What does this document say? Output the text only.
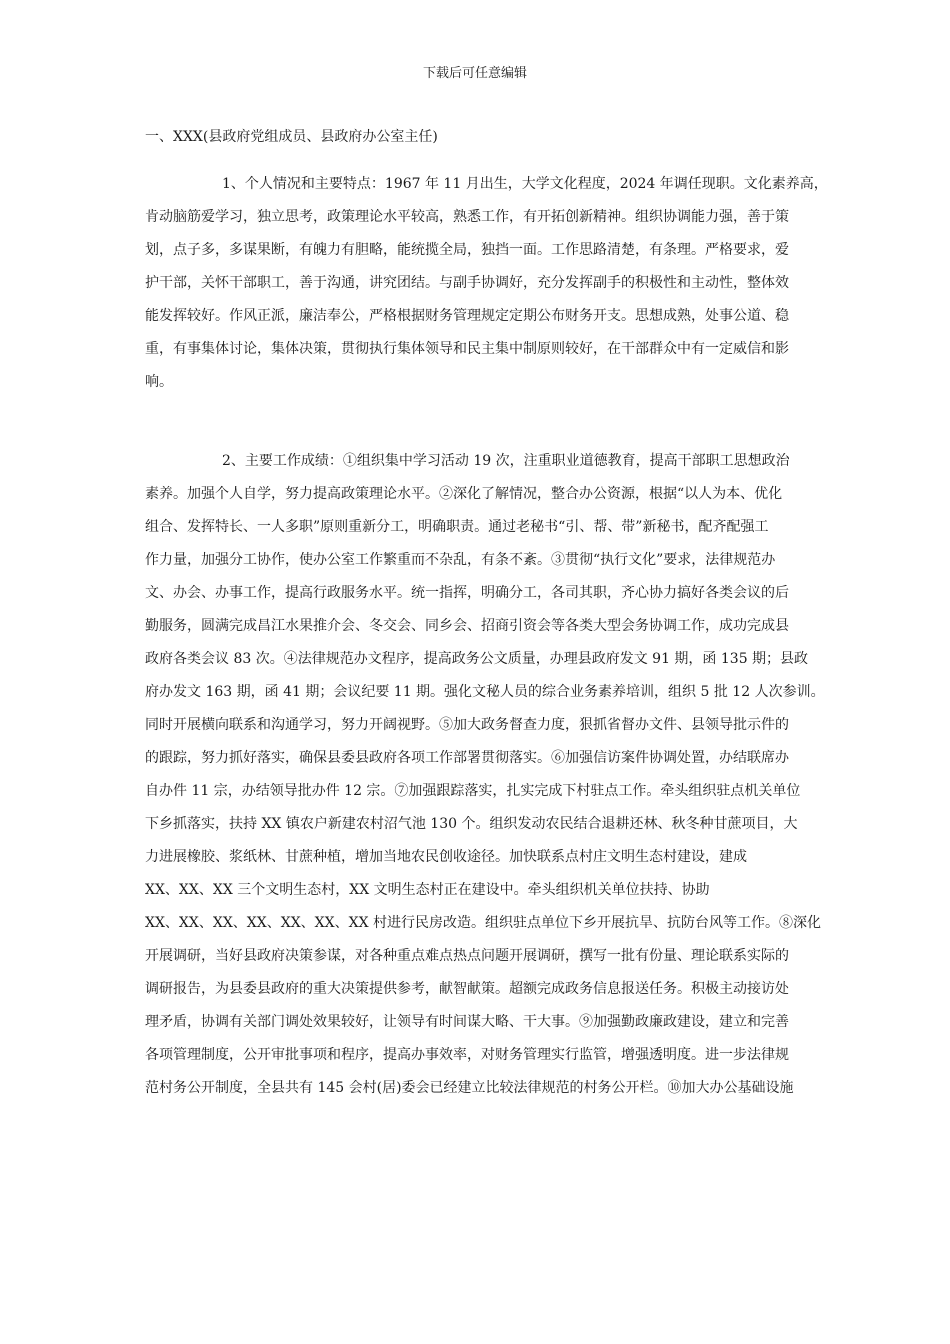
下载后可任意编辑
一、XXX(县政府党组成员、县政府办公室主任)
1、个人情况和主要特点：1967 年 11 月出生，大学文化程度，2024 年调任现职。文化素养高，
肯动脑筋爱学习，独立思考，政策理论水平较高，熟悉工作，有开拓创新精神。组织协调能力强，善于策
划，点子多，多谋果断，有魄力有胆略，能统揽全局，独挡一面。工作思路清楚，有条理。严格要求，爱
护干部，关怀干部职工，善于沟通，讲究团结。与副手协调好，充分发挥副手的积极性和主动性，整体效
能发挥较好。作风正派，廉洁奉公，严格根据财务管理规定定期公布财务开支。思想成熟，处事公道、稳
重，有事集体讨论，集体决策，贯彻执行集体领导和民主集中制原则较好，在干部群众中有一定威信和影
响。
2、主要工作成绩：①组织集中学习活动 19 次，注重职业道德教育，提高干部职工思想政治
素养。加强个人自学，努力提高政策理论水平。②深化了解情况，整合办公资源，根据“以人为本、优化
组合、发挥特长、一人多职”原则重新分工，明确职责。通过老秘书“引、帮、带”新秘书，配齐配强工
作力量，加强分工协作，使办公室工作繁重而不杂乱，有条不紊。③贯彻“执行文化”要求，法律规范办
文、办会、办事工作，提高行政服务水平。统一指挥，明确分工，各司其职，齐心协力搞好各类会议的后
勤服务，圆满完成昌江水果推介会、冬交会、同乡会、招商引资会等各类大型会务协调工作，成功完成县
政府各类会议 83 次。④法律规范办文程序，提高政务公文质量，办理县政府发文 91 期，函 135 期；县政
府办发文 163 期，函 41 期；会议纪要 11 期。强化文秘人员的综合业务素养培训，组织 5 批 12 人次参训。
同时开展横向联系和沟通学习，努力开阔视野。⑤加大政务督查力度，狠抓省督办文件、县领导批示件的
的跟踪，努力抓好落实，确保县委县政府各项工作部署贯彻落实。⑥加强信访案件协调处置，办结联席办
自办件 11 宗，办结领导批办件 12 宗。⑦加强跟踪落实，扎实完成下村驻点工作。牵头组织驻点机关单位
下乡抓落实，扶持 XX 镇农户新建农村沼气池 130 个。组织发动农民结合退耕还林、秋冬种甘蔗项目，大
力进展橡胶、浆纸林、甘蔗种植，增加当地农民创收途径。加快联系点村庄文明生态村建设，建成
XX、XX、XX 三个文明生态村，XX 文明生态村正在建设中。牵头组织机关单位扶持、协助
XX、XX、XX、XX、XX、XX、XX 村进行民房改造。组织驻点单位下乡开展抗旱、抗防台风等工作。⑧深化
开展调研，当好县政府决策参谋，对各种重点难点热点问题开展调研，撰写一批有份量、理论联系实际的
调研报告，为县委县政府的重大决策提供参考，献智献策。超额完成政务信息报送任务。积极主动接访处
理矛盾，协调有关部门调处效果较好，让领导有时间谋大略、干大事。⑨加强勤政廉政建设，建立和完善
各项管理制度，公开审批事项和程序，提高办事效率，对财务管理实行监管，增强透明度。进一步法律规
范村务公开制度，全县共有 145 会村(居)委会已经建立比较法律规范的村务公开栏。⑩加大办公基础设施
